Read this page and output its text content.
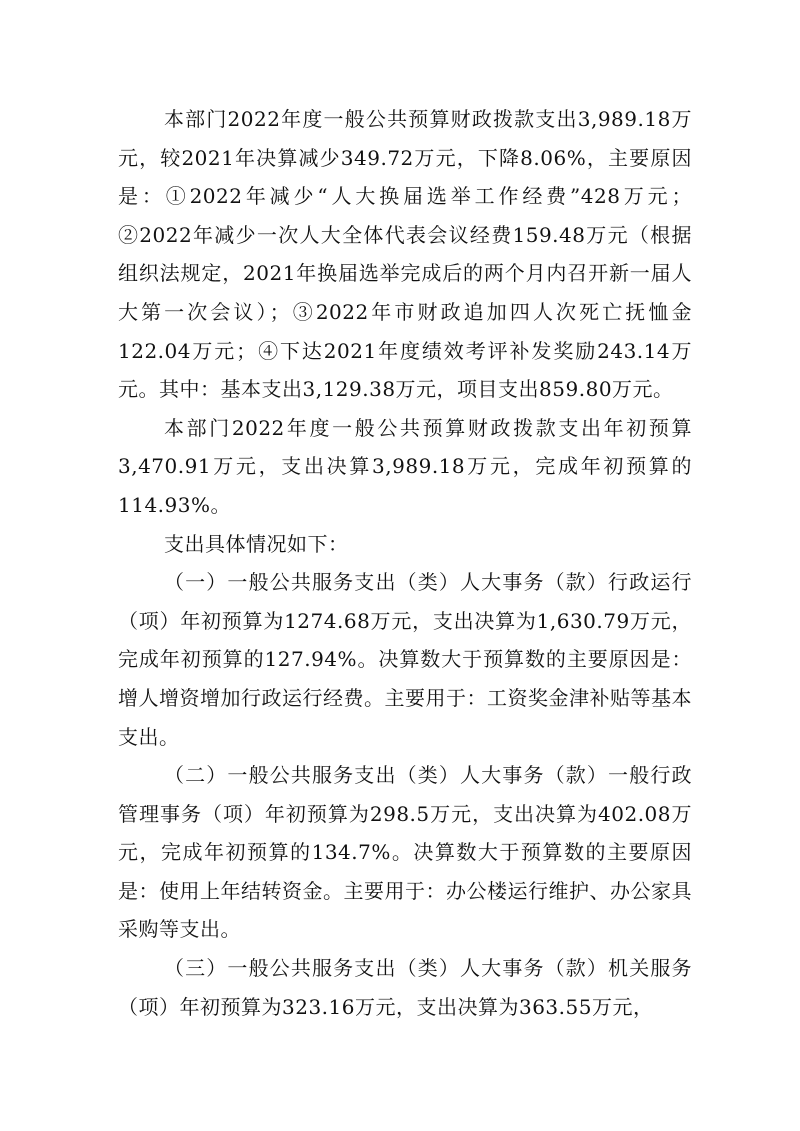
本部门2022年度一般公共预算财政拨款支出3,989.18万元，较2021年决算减少349.72万元，下降8.06%，主要原因是：①2022年减少“人大换届选举工作经费”428万元；②2022年减少一次人大全体代表会议经费159.48万元（根据组织法规定，2021年换届选举完成后的两个月内召开新一届人大第一次会议）；③2022年市财政追加四人次死亡抚恤金122.04万元；④下达2021年度绩效考评补发奖励243.14万元。其中：基本支出3,129.38万元，项目支出859.80万元。

本部门2022年度一般公共预算财政拨款支出年初预算3,470.91万元，支出决算3,989.18万元，完成年初预算的114.93%。

支出具体情况如下：

（一）一般公共服务支出（类）人大事务（款）行政运行（项）年初预算为1274.68万元，支出决算为1,630.79万元，完成年初预算的127.94%。决算数大于预算数的主要原因是：增人增资增加行政运行经费。主要用于：工资奖金津补贴等基本支出。

（二）一般公共服务支出（类）人大事务（款）一般行政管理事务（项）年初预算为298.5万元，支出决算为402.08万元，完成年初预算的134.7%。决算数大于预算数的主要原因是：使用上年结转资金。主要用于：办公楼运行维护、办公家具采购等支出。

（三）一般公共服务支出（类）人大事务（款）机关服务（项）年初预算为323.16万元，支出决算为363.55万元，
